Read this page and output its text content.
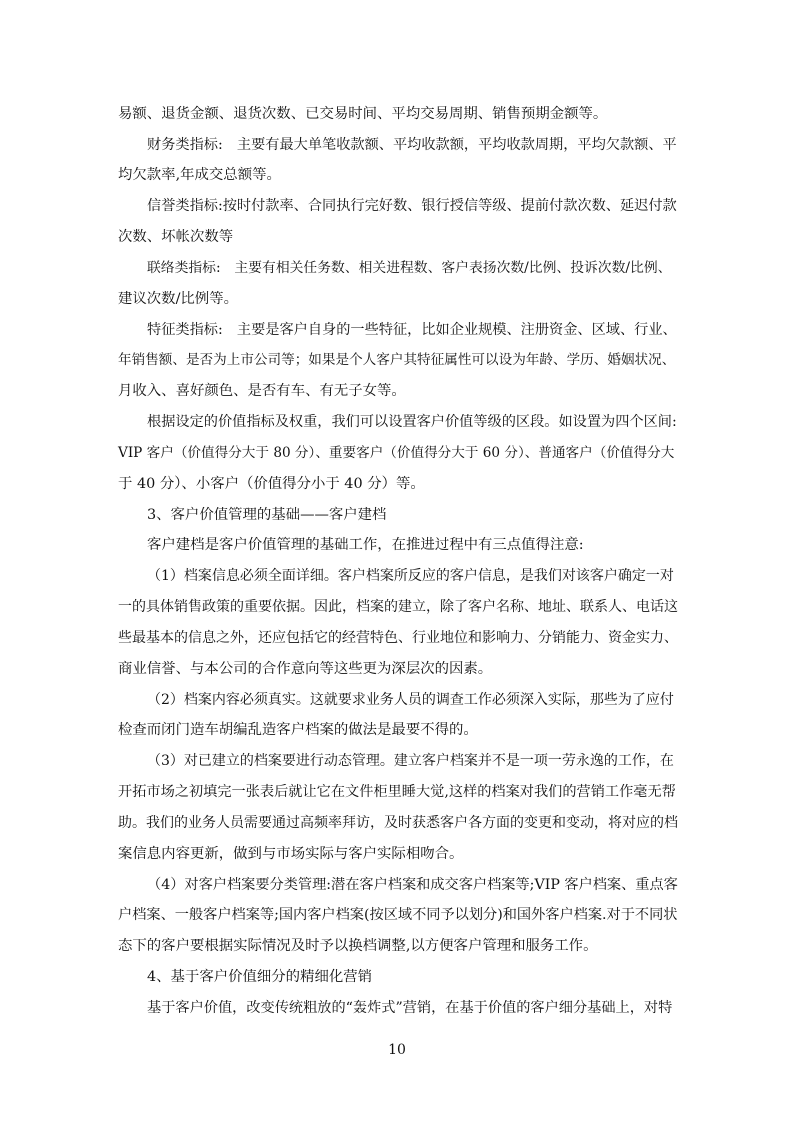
易额、退货金额、退货次数、已交易时间、平均交易周期、销售预期金额等。
财务类指标:　主要有最大单笔收款额、平均收款额，平均收款周期，平均欠款额、平
均欠款率,年成交总额等。
信誉类指标:按时付款率、合同执行完好数、银行授信等级、提前付款次数、延迟付款
次数、坏帐次数等
联络类指标:　主要有相关任务数、相关进程数、客户表扬次数/比例、投诉次数/比例、
建议次数/比例等。
特征类指标:　主要是客户自身的一些特征，比如企业规模、注册资金、区域、行业、
年销售额、是否为上市公司等；如果是个人客户其特征属性可以设为年龄、学历、婚姻状况、
月收入、喜好颜色、是否有车、有无子女等。
根据设定的价值指标及权重，我们可以设置客户价值等级的区段。如设置为四个区间:
VIP 客户（价值得分大于 80 分）、重要客户（价值得分大于 60 分）、普通客户（价值得分大
于 40 分）、小客户（价值得分小于 40 分）等。
3、客户价值管理的基础——客户建档
客户建档是客户价值管理的基础工作，在推进过程中有三点值得注意:
（1）档案信息必须全面详细。客户档案所反应的客户信息，是我们对该客户确定一对
一的具体销售政策的重要依据。因此，档案的建立，除了客户名称、地址、联系人、电话这
些最基本的信息之外，还应包括它的经营特色、行业地位和影响力、分销能力、资金实力、
商业信誉、与本公司的合作意向等这些更为深层次的因素。
（2）档案内容必须真实。这就要求业务人员的调查工作必须深入实际，那些为了应付
检查而闭门造车胡编乱造客户档案的做法是最要不得的。
（3）对已建立的档案要进行动态管理。建立客户档案并不是一项一劳永逸的工作，在
开拓市场之初填完一张表后就让它在文件柜里睡大觉,这样的档案对我们的营销工作毫无帮
助。我们的业务人员需要通过高频率拜访，及时获悉客户各方面的变更和变动，将对应的档
案信息内容更新，做到与市场实际与客户实际相吻合。
（4）对客户档案要分类管理:潜在客户档案和成交客户档案等;VIP 客户档案、重点客
户档案、一般客户档案等;国内客户档案(按区域不同予以划分)和国外客户档案.对于不同状
态下的客户要根据实际情况及时予以换档调整,以方便客户管理和服务工作。
4、基于客户价值细分的精细化营销
基于客户价值，改变传统粗放的“轰炸式”营销，在基于价值的客户细分基础上，对特
10
